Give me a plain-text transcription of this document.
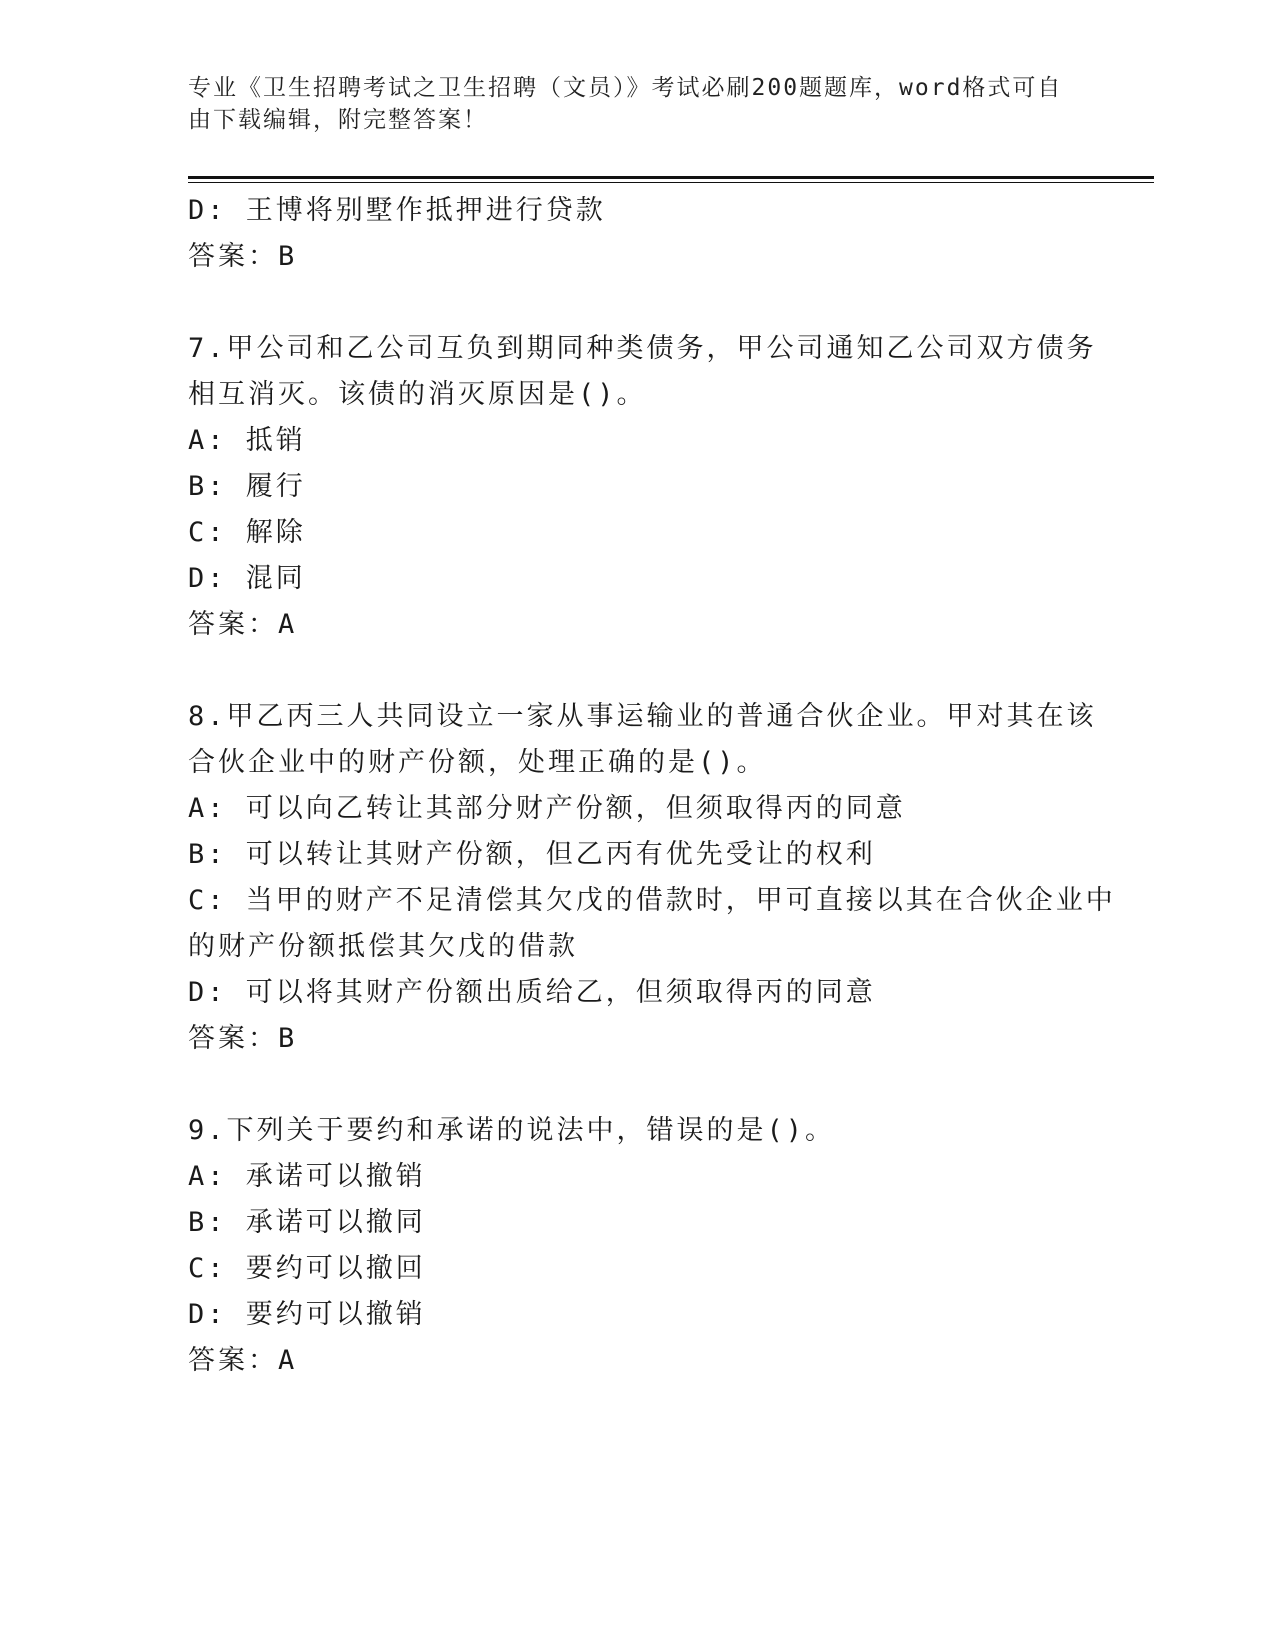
专业《卫生招聘考试之卫生招聘（文员）》考试必刷200题题库，word格式可自由下载编辑，附完整答案！
D: 王博将别墅作抵押进行贷款
答案：B
7.甲公司和乙公司互负到期同种类债务，甲公司通知乙公司双方债务
相互消灭。该债的消灭原因是()。
A: 抵销
B: 履行
C: 解除
D: 混同
答案：A
8.甲乙丙三人共同设立一家从事运输业的普通合伙企业。甲对其在该
合伙企业中的财产份额，处理正确的是()。
A: 可以向乙转让其部分财产份额，但须取得丙的同意
B: 可以转让其财产份额，但乙丙有优先受让的权利
C: 当甲的财产不足清偿其欠戊的借款时，甲可直接以其在合伙企业中
的财产份额抵偿其欠戊的借款
D: 可以将其财产份额出质给乙，但须取得丙的同意
答案：B
9.下列关于要约和承诺的说法中，错误的是()。
A: 承诺可以撤销
B: 承诺可以撤同
C: 要约可以撤回
D: 要约可以撤销
答案：A
